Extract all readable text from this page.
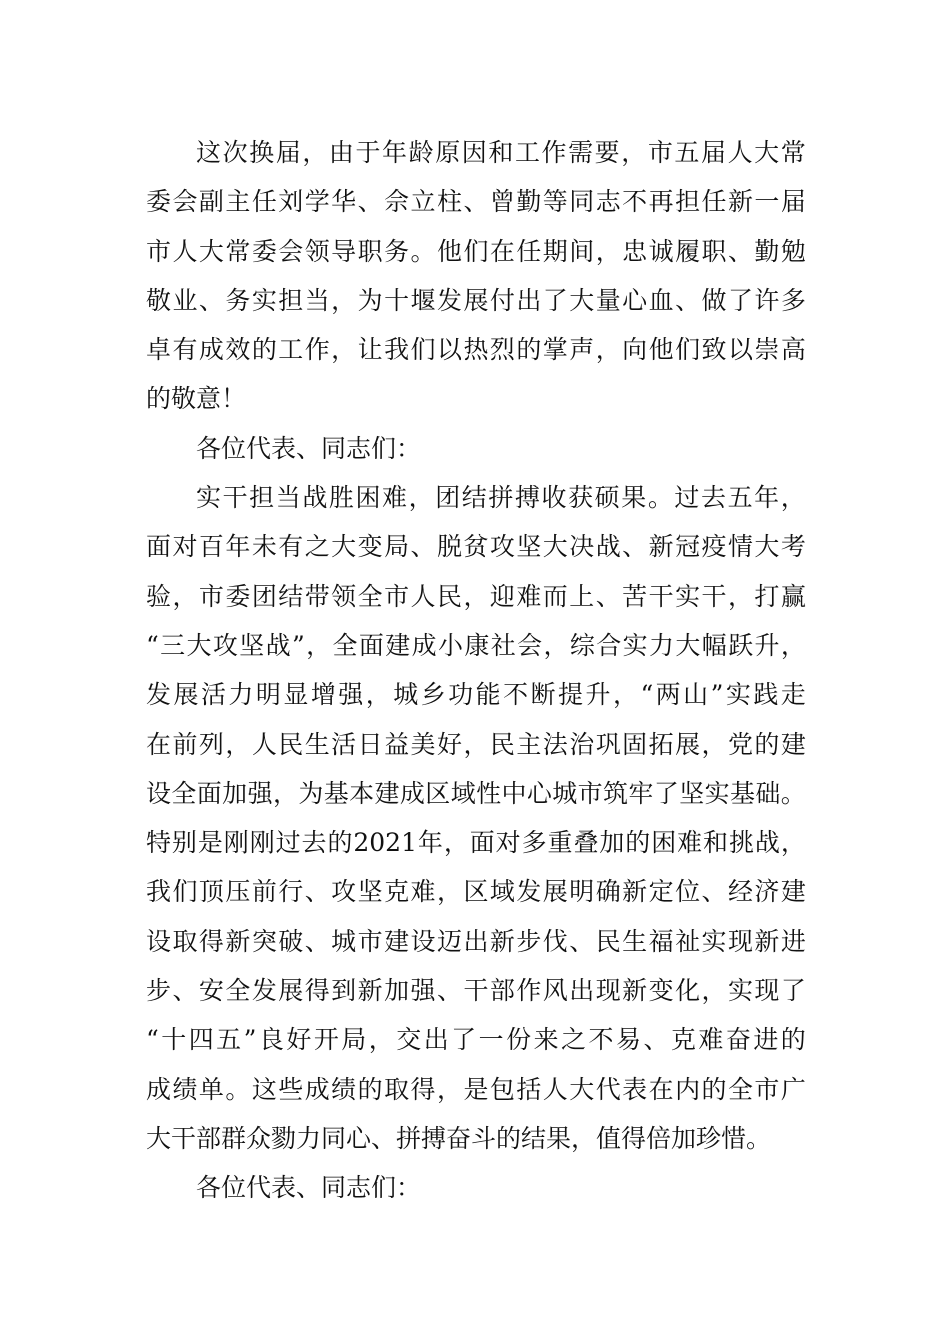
这 次 换 届 ， 由 于 年 龄 原 因 和 工 作 需 要 ， 市 五 届 人 大 常
委 会 副 主 任 刘 学 华 、 佘 立 柱 、 曾 勤 等 同 志 不 再 担 任 新 一 届
市 人 大 常 委 会 领 导 职 务 。 他 们 在 任 期 间 ， 忠 诚 履 职 、 勤 勉
敬 业 、 务 实 担 当 ， 为 十 堰 发 展 付 出 了 大 量 心 血 、 做 了 许 多
卓 有 成 效 的 工 作 ， 让 我 们 以 热 烈 的 掌 声 ， 向 他 们 致 以 崇 高
的敬意！
各位代表、同志们：
实 干 担 当 战 胜 困 难 ， 团 结 拼 搏 收 获 硕 果 。 过 去 五 年 ，
面 对 百 年 未 有 之 大 变 局 、 脱 贫 攻 坚 大 决 战 、 新 冠 疫 情 大 考
验 ， 市 委 团 结 带 领 全 市 人 民 ， 迎 难 而 上 、 苦 干 实 干 ， 打 赢
“ 三 大 攻 坚 战 ” ， 全 面 建 成 小 康 社 会 ， 综 合 实 力 大 幅 跃 升 ，
发 展 活 力 明 显 增 强 ， 城 乡 功 能 不 断 提 升 ， “ 两 山 ” 实 践 走
在 前 列 ， 人 民 生 活 日 益 美 好 ， 民 主 法 治 巩 固 拓 展 ， 党 的 建
设 全 面 加 强 ， 为 基 本 建 成 区 域 性 中 心 城 市 筑 牢 了 坚 实 基 础 。
特 别 是 刚 刚 过 去 的 2021 年 ， 面 对 多 重 叠 加 的 困 难 和 挑 战 ，
我 们 顶 压 前 行 、 攻 坚 克 难 ， 区 域 发 展 明 确 新 定 位 、 经 济 建
设 取 得 新 突 破 、 城 市 建 设 迈 出 新 步 伐 、 民 生 福 祉 实 现 新 进
步 、 安 全 发 展 得 到 新 加 强 、 干 部 作 风 出 现 新 变 化 ， 实 现 了
“ 十 四 五 ” 良 好 开 局 ， 交 出 了 一 份 来 之 不 易 、 克 难 奋 进 的
成 绩 单 。 这 些 成 绩 的 取 得 ， 是 包 括 人 大 代 表 在 内 的 全 市 广
大干部群众勠力同心、拼搏奋斗的结果，值得倍加珍惜。
各位代表、同志们：
